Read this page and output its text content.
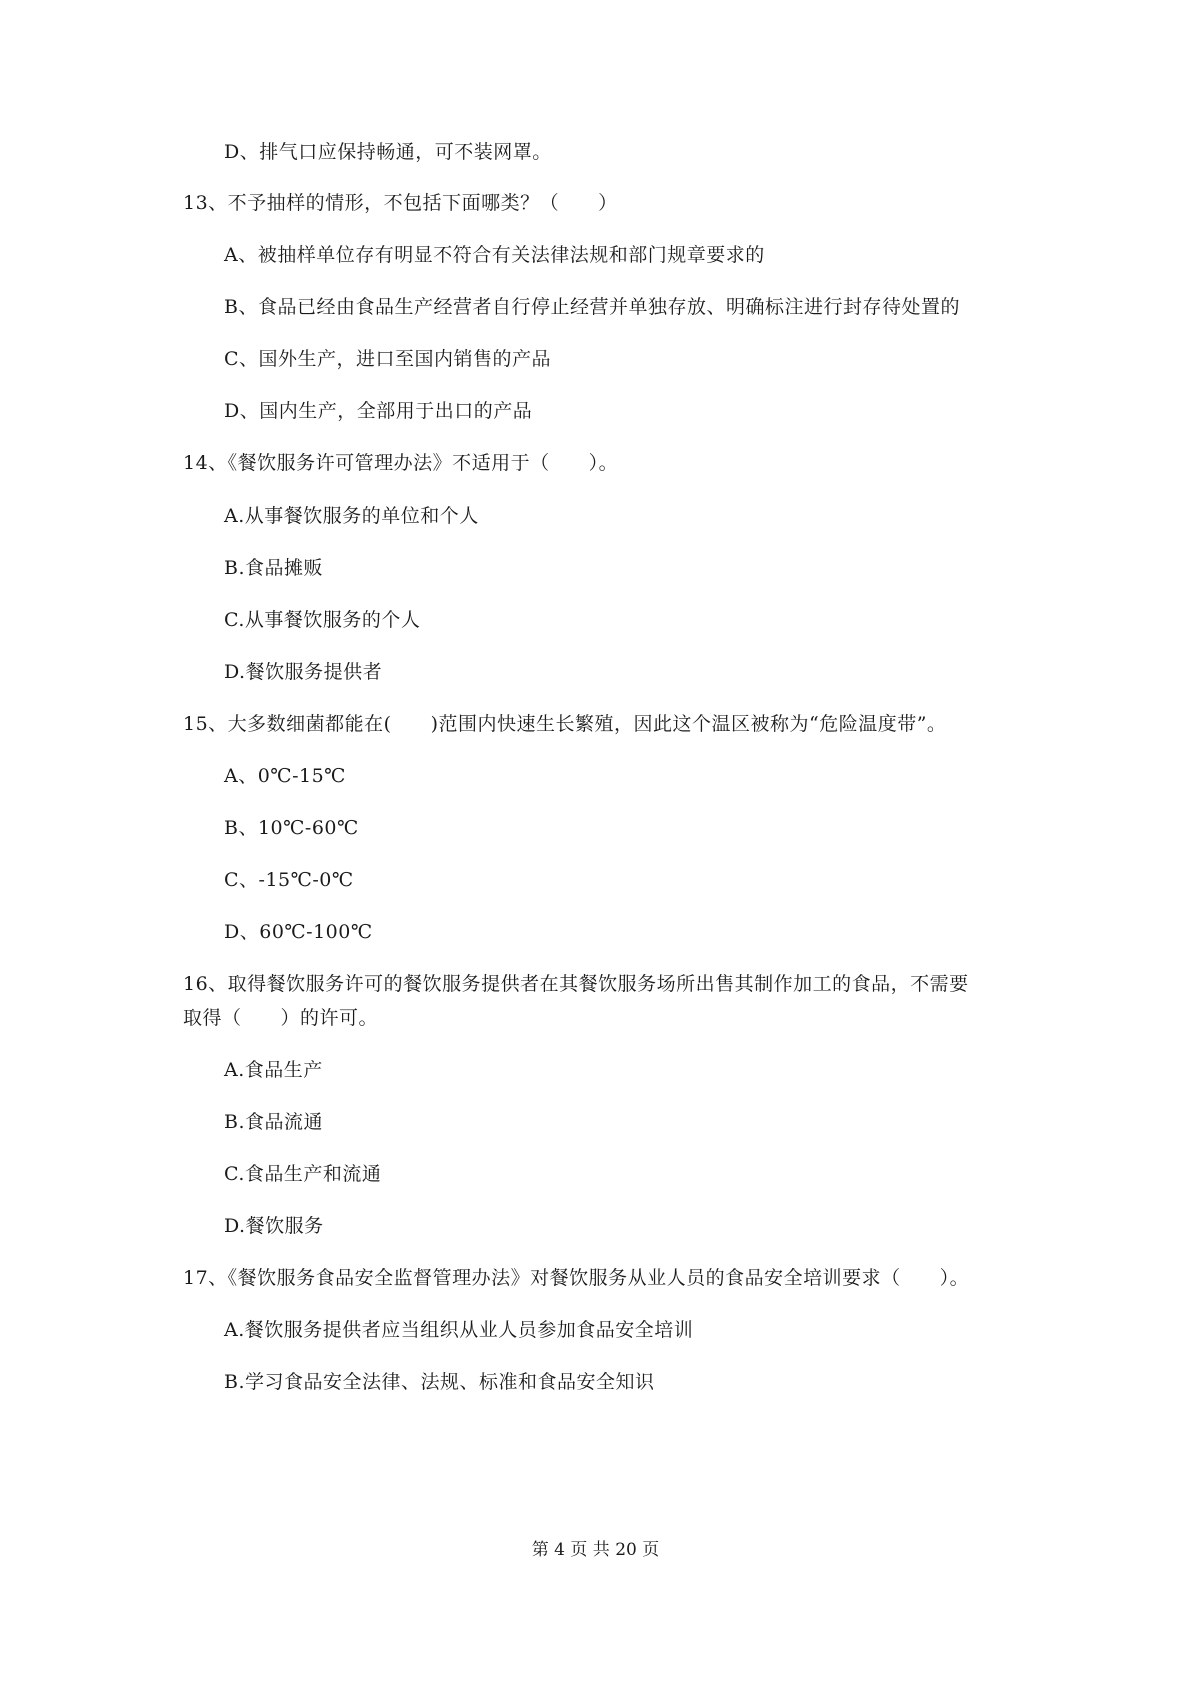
D、排气口应保持畅通，可不装网罩。
13、不予抽样的情形，不包括下面哪类？（　　）
A、被抽样单位存有明显不符合有关法律法规和部门规章要求的
B、食品已经由食品生产经营者自行停止经营并单独存放、明确标注进行封存待处置的
C、国外生产，进口至国内销售的产品
D、国内生产，全部用于出口的产品
14、《餐饮服务许可管理办法》不适用于（　　）。
A.从事餐饮服务的单位和个人
B.食品摊贩
C.从事餐饮服务的个人
D.餐饮服务提供者
15、大多数细菌都能在(　　)范围内快速生长繁殖，因此这个温区被称为“危险温度带”。
A、0℃-15℃
B、10℃-60℃
C、-15℃-0℃
D、60℃-100℃
16、取得餐饮服务许可的餐饮服务提供者在其餐饮服务场所出售其制作加工的食品，不需要
取得（　　）的许可。
A.食品生产
B.食品流通
C.食品生产和流通
D.餐饮服务
17、《餐饮服务食品安全监督管理办法》对餐饮服务从业人员的食品安全培训要求（　　）。
A.餐饮服务提供者应当组织从业人员参加食品安全培训
B.学习食品安全法律、法规、标准和食品安全知识
第 4 页 共 20 页
